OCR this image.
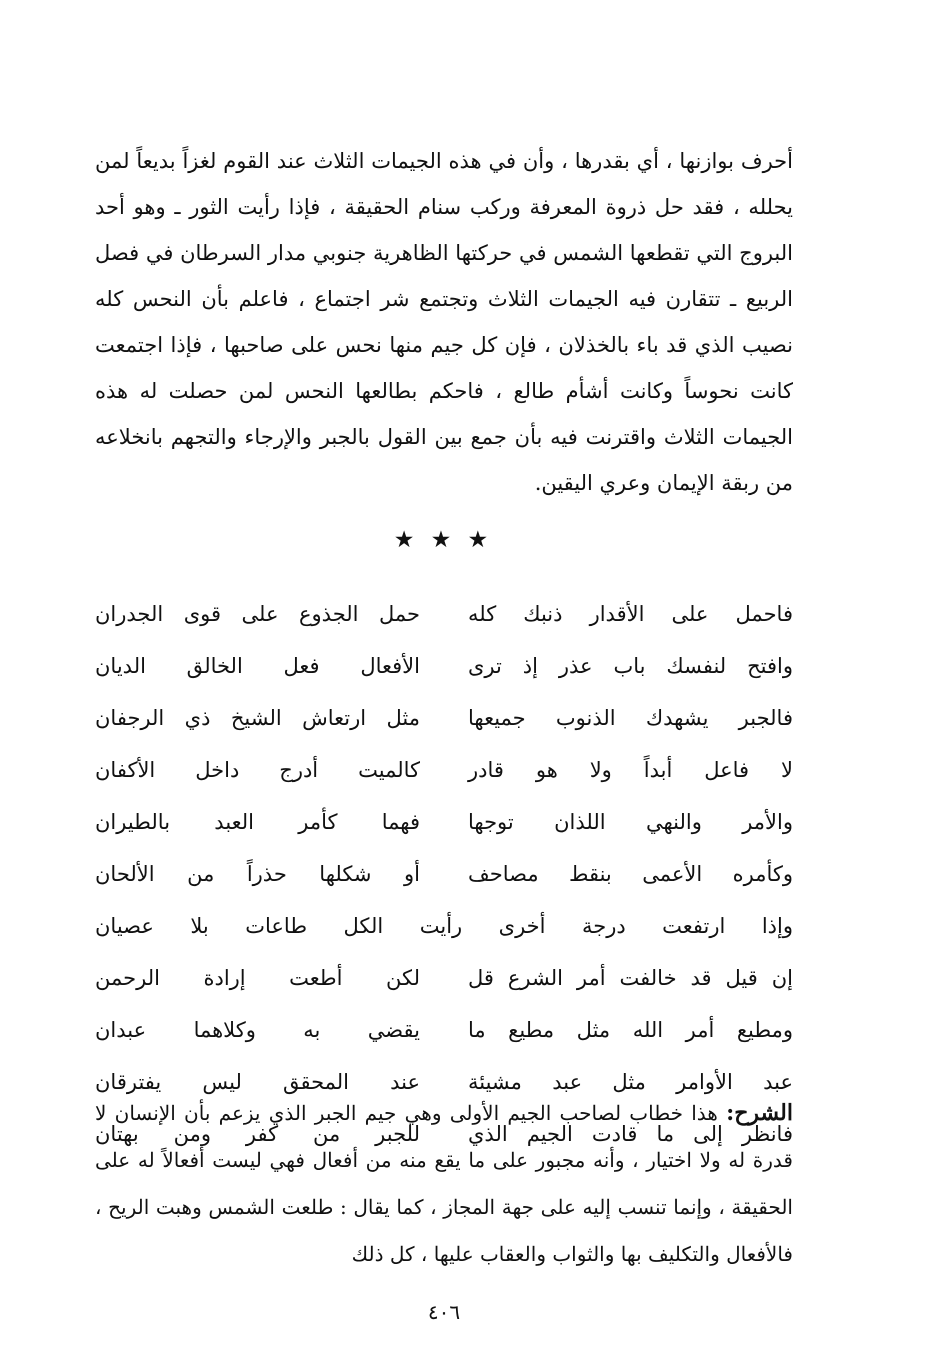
أحرف بوازنها ، أي بقدرها ، وأن في هذه الجيمات الثلاث عند القوم لغزاً بديعاً لمن يحلله ، فقد حل ذروة المعرفة وركب سنام الحقيقة ، فإذا رأيت الثور ـ وهو أحد البروج التي تقطعها الشمس في حركتها الظاهرية جنوبي مدار السرطان في فصل الربيع ـ تتقارن فيه الجيمات الثلاث وتجتمع شر اجتماع ، فاعلم بأن النحس كله نصيب الذي قد باء بالخذلان ، فإن كل جيم منها نحس على صاحبها ، فإذا اجتمعت كانت نحوساً وكانت أشأم طالع ، فاحكم بطالعها النحس لمن حصلت له هذه الجيمات الثلاث واقترنت فيه بأن جمع بين القول بالجبر والإرجاء والتجهم بانخلاعه من ربقة الإيمان وعري اليقين.

★ ★ ★
فاحمل على الأقدار ذنبك كله
حمل الجذوع على قوى الجدران
وافتح لنفسك باب عذر إذ ترى
الأفعال فعل الخالق الديان
فالجبر يشهدك الذنوب جميعها
مثل ارتعاش الشيخ ذي الرجفان
لا فاعل أبداً ولا هو قادر
كالميت أدرج داخل الأكفان
والأمر والنهي اللذان توجها
فهما كأمر العبد بالطيران
وكأمره الأعمى بنقط مصاحف
أو شكلها حذراً من الألحان
وإذا ارتفعت درجة أخرى رأيت الكل طاعات بلا عصيان
إن قيل قد خالفت أمر الشرع قل
لكن أطعت إرادة الرحمن
ومطيع أمر الله مثل مطيع ما
يقضي به وكلاهما عبدان
عبد الأوامر مثل عبد مشيئة
عند المحقق ليس يفترقان
فانظر إلى ما قادت الجيم الذي
للجبر من كفر ومن بهتان
الشرح: هذا خطاب لصاحب الجيم الأولى وهي جيم الجبر الذي يزعم بأن الإنسان لا قدرة له ولا اختيار ، وأنه مجبور على ما يقع منه من أفعال فهي ليست أفعالاً له على الحقيقة ، وإنما تنسب إليه على جهة المجاز ، كما يقال : طلعت الشمس وهبت الريح ، فالأفعال والتكليف بها والثواب والعقاب عليها ، كل ذلك
٤٠٦
